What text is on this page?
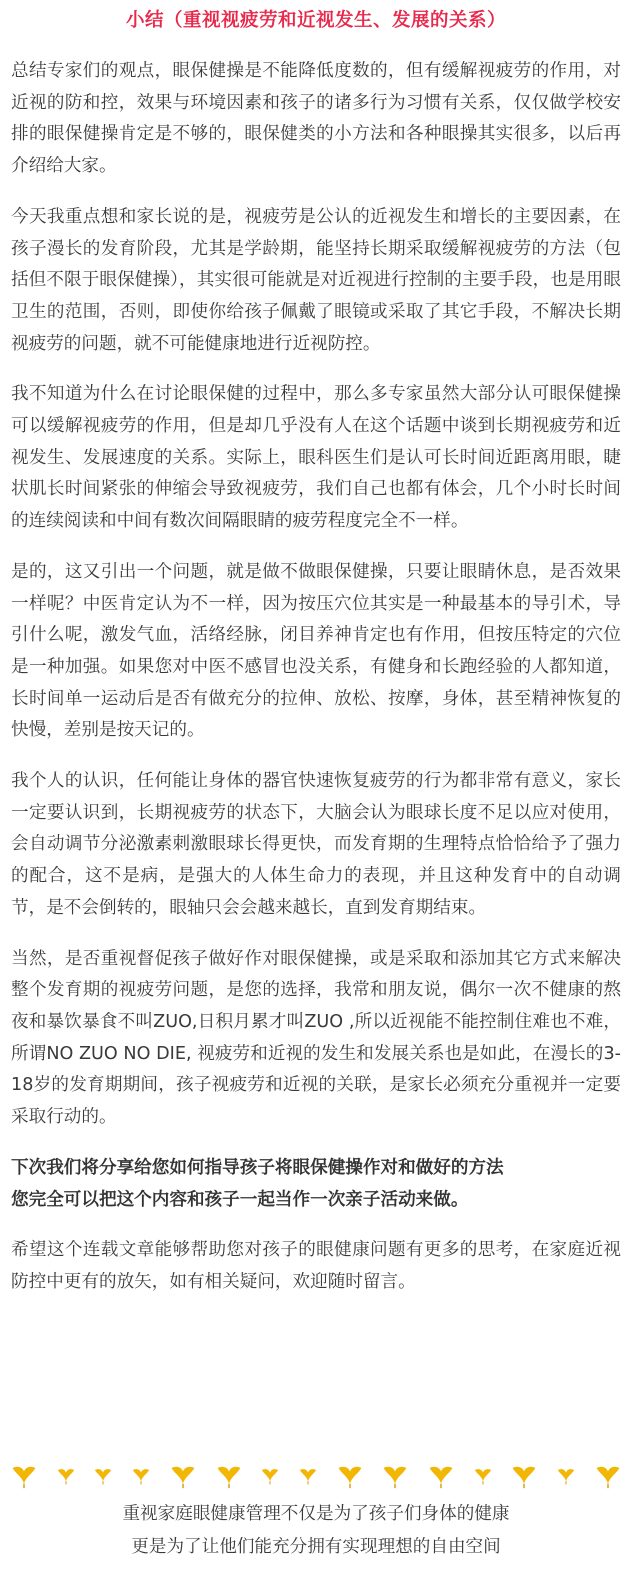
小结（重视视疲劳和近视发生、发展的关系）

总结专家们的观点，眼保健操是不能降低度数的，但有缓解视疲劳的作用，对近视的防和控，效果与环境因素和孩子的诸多行为习惯有关系，仅仅做学校安排的眼保健操肯定是不够的，眼保健类的小方法和各种眼操其实很多，以后再介绍给大家。

今天我重点想和家长说的是，视疲劳是公认的近视发生和增长的主要因素，在孩子漫长的发育阶段，尤其是学龄期，能坚持长期采取缓解视疲劳的方法（包括但不限于眼保健操），其实很可能就是对近视进行控制的主要手段，也是用眼卫生的范围，否则，即使你给孩子佩戴了眼镜或采取了其它手段，不解决长期视疲劳的问题，就不可能健康地进行近视防控。

我不知道为什么在讨论眼保健的过程中，那么多专家虽然大部分认可眼保健操可以缓解视疲劳的作用，但是却几乎没有人在这个话题中谈到长期视疲劳和近视发生、发展速度的关系。实际上，眼科医生们是认可长时间近距离用眼，睫状肌长时间紧张的伸缩会导致视疲劳，我们自己也都有体会，几个小时长时间的连续阅读和中间有数次间隔眼睛的疲劳程度完全不一样。

是的，这又引出一个问题，就是做不做眼保健操，只要让眼睛休息，是否效果一样呢？中医肯定认为不一样，因为按压穴位其实是一种最基本的导引术，导引什么呢，激发气血，活络经脉，闭目养神肯定也有作用，但按压特定的穴位是一种加强。如果您对中医不感冒也没关系，有健身和长跑经验的人都知道，长时间单一运动后是否有做充分的拉伸、放松、按摩，身体，甚至精神恢复的快慢，差别是按天记的。

我个人的认识，任何能让身体的器官快速恢复疲劳的行为都非常有意义，家长一定要认识到，长期视疲劳的状态下，大脑会认为眼球长度不足以应对使用，会自动调节分泌激素刺激眼球长得更快，而发育期的生理特点恰恰给予了强力的配合，这不是病，是强大的人体生命力的表现，并且这种发育中的自动调节，是不会倒转的，眼轴只会会越来越长，直到发育期结束。

当然，是否重视督促孩子做好作对眼保健操，或是采取和添加其它方式来解决整个发育期的视疲劳问题，是您的选择，我常和朋友说，偶尔一次不健康的熬夜和暴饮暴食不叫ZUO,日积月累才叫ZUO ,所以近视能不能控制住难也不难，所谓NO ZUO NO DIE, 视疲劳和近视的发生和发展关系也是如此，在漫长的3-18岁的发育期期间，孩子视疲劳和近视的关联，是家长必须充分重视并一定要采取行动的。

下次我们将分享给您如何指导孩子将眼保健操作对和做好的方法
您完全可以把这个内容和孩子一起当作一次亲子活动来做。

希望这个连载文章能够帮助您对孩子的眼健康问题有更多的思考，在家庭近视防控中更有的放矢，如有相关疑问，欢迎随时留言。

重视家庭眼健康管理不仅是为了孩子们身体的健康

更是为了让他们能充分拥有实现理想的自由空间
